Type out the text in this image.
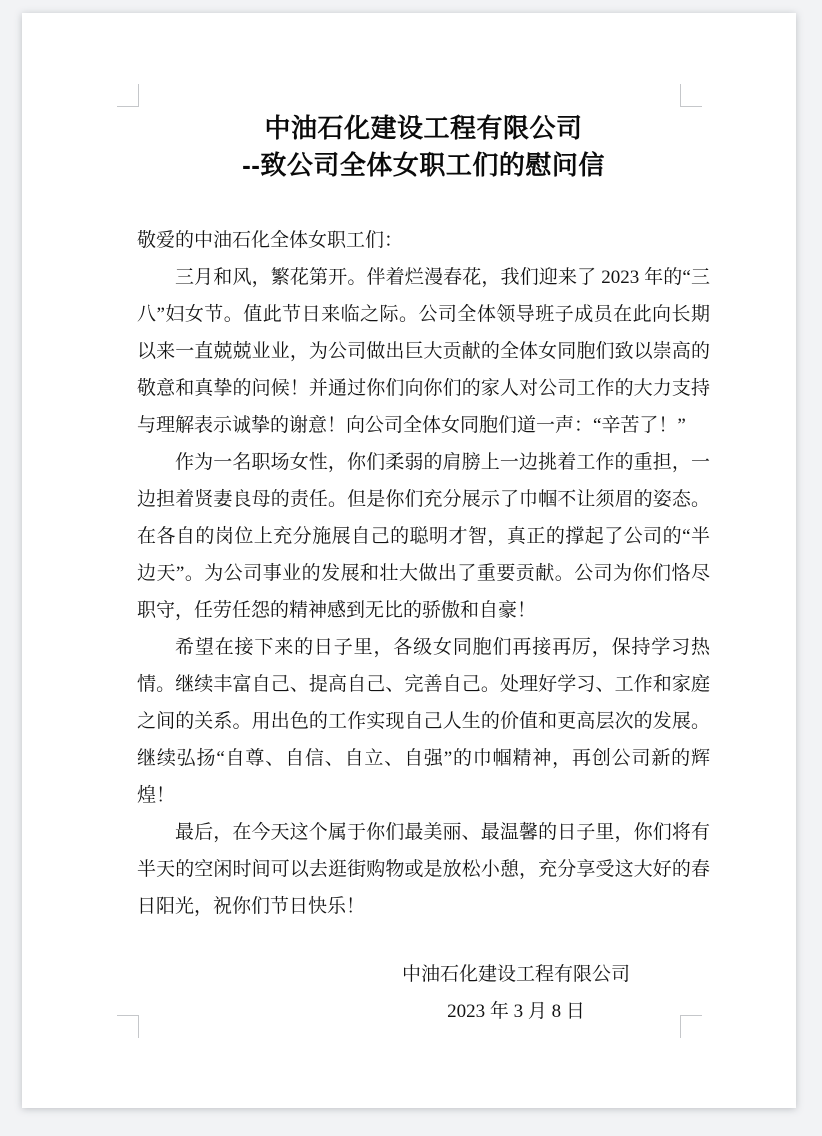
中油石化建设工程有限公司
--致公司全体女职工们的慰问信

敬爱的中油石化全体女职工们：

三月和风，繁花第开。伴着烂漫春花，我们迎来了 2023 年的“三八”妇女节。值此节日来临之际。公司全体领导班子成员在此向长期以来一直兢兢业业，为公司做出巨大贡献的全体女同胞们致以崇高的敬意和真挚的问候！并通过你们向你们的家人对公司工作的大力支持与理解表示诚挚的谢意！向公司全体女同胞们道一声：“辛苦了！”

作为一名职场女性，你们柔弱的肩膀上一边挑着工作的重担，一边担着贤妻良母的责任。但是你们充分展示了巾帼不让须眉的姿态。在各自的岗位上充分施展自己的聪明才智，真正的撑起了公司的“半边天”。为公司事业的发展和壮大做出了重要贡献。公司为你们恪尽职守，任劳任怨的精神感到无比的骄傲和自豪！

希望在接下来的日子里，各级女同胞们再接再厉，保持学习热情。继续丰富自己、提高自己、完善自己。处理好学习、工作和家庭之间的关系。用出色的工作实现自己人生的价值和更高层次的发展。继续弘扬“自尊、自信、自立、自强”的巾帼精神，再创公司新的辉煌！

最后，在今天这个属于你们最美丽、最温馨的日子里，你们将有半天的空闲时间可以去逛街购物或是放松小憩，充分享受这大好的春日阳光，祝你们节日快乐！

中油石化建设工程有限公司
2023 年 3 月 8 日
